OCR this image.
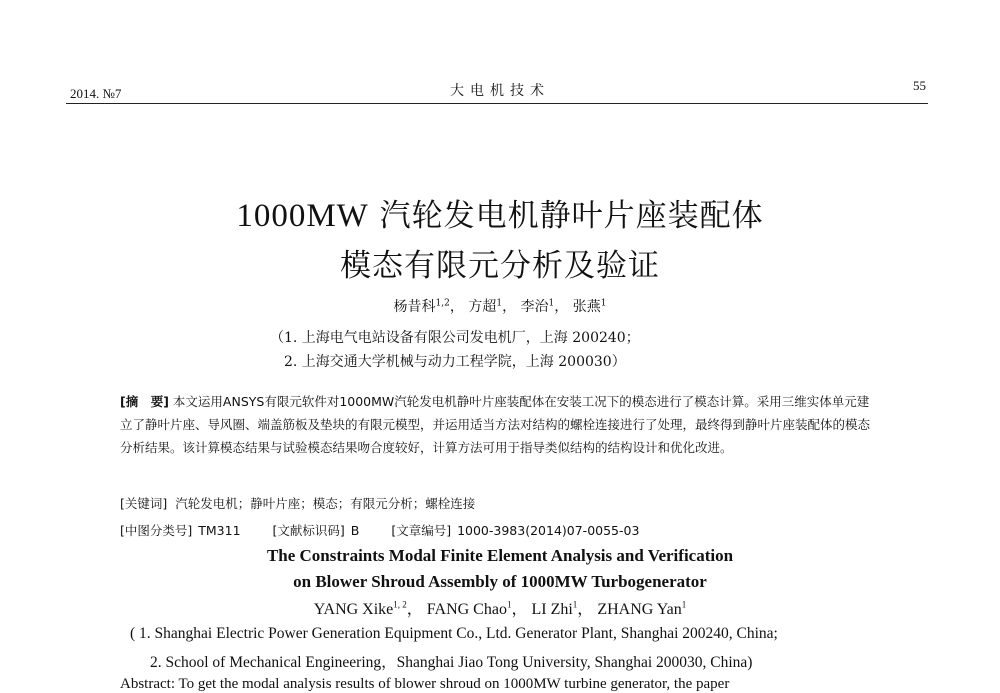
2014. №7	大电机技术	55
1000MW 汽轮发电机静叶片座装配体
模态有限元分析及验证
杨昔科$^{1,2}$， 方超$^1$， 李治$^1$， 张燕$^1$
（1. 上海电气电站设备有限公司发电机厂，上海 200240；
2. 上海交通大学机械与动力工程学院，上海 200030）
[摘　要] 本文运用ANSYS有限元软件对1000MW汽轮发电机静叶片座装配体在安装工况下的模态进行了模态计算。采用三维实体单元建立了静叶片座、导风圈、端盖筋板及垫块的有限元模型，并运用适当方法对结构的螺栓连接进行了处理，最终得到静叶片座装配体的模态分析结果。该计算模态结果与试验模态结果吻合度较好，计算方法可用于指导类似结构的结构设计和优化改进。
[关键词] 汽轮发电机；静叶片座；模态；有限元分析；螺栓连接
[中图分类号] TM311	[文献标识码] B	[文章编号] 1000-3983(2014)07-0055-03
The Constraints Modal Finite Element Analysis and Verification
on Blower Shroud Assembly of 1000MW Turbogenerator
YANG Xike$^{1, 2}$， FANG Chao$^1$， LI Zhi$^1$， ZHANG Yan$^1$
( 1. Shanghai Electric Power Generation Equipment Co., Ltd. Generator Plant, Shanghai 200240, China;
2. School of Mechanical Engineering，Shanghai Jiao Tong University, Shanghai 200030, China)
Abstract: To get the modal analysis results of blower shroud on 1000MW turbine generator, the paper
